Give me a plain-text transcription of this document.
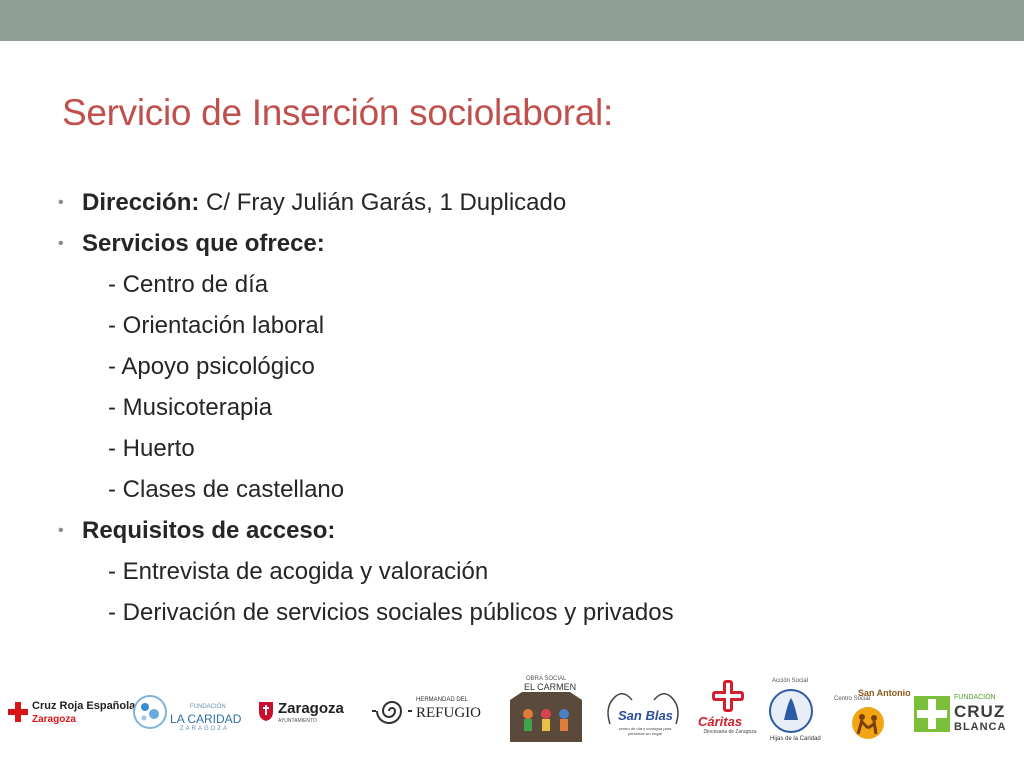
Servicio de Inserción sociolaboral:
• Dirección: C/ Fray Julián Garás, 1 Duplicado
• Servicios que ofrece:
- Centro de día
- Orientación laboral
- Apoyo psicológico
- Musicoterapia
- Huerto
- Clases de castellano
• Requisitos de acceso:
- Entrevista de acogida y valoración
- Derivación de servicios sociales públicos y privados
Cruz Roja Española
Zaragoza
FUNDACIÓN
LA CARIDAD
ZARAGOZA
Zaragoza
AYUNTAMIENTO
HERMANDAD DEL
REFUGIO
OBRA SOCIAL
EL CARMEN
San Blas
centro de día y consigna para personas sin hogar
Cáritas
Diocesana de Zaragoza
Acción Social
Hijas de la Caridad
Centro Social
San Antonio	FUNDACIÓN
CRUZ
BLANCA
